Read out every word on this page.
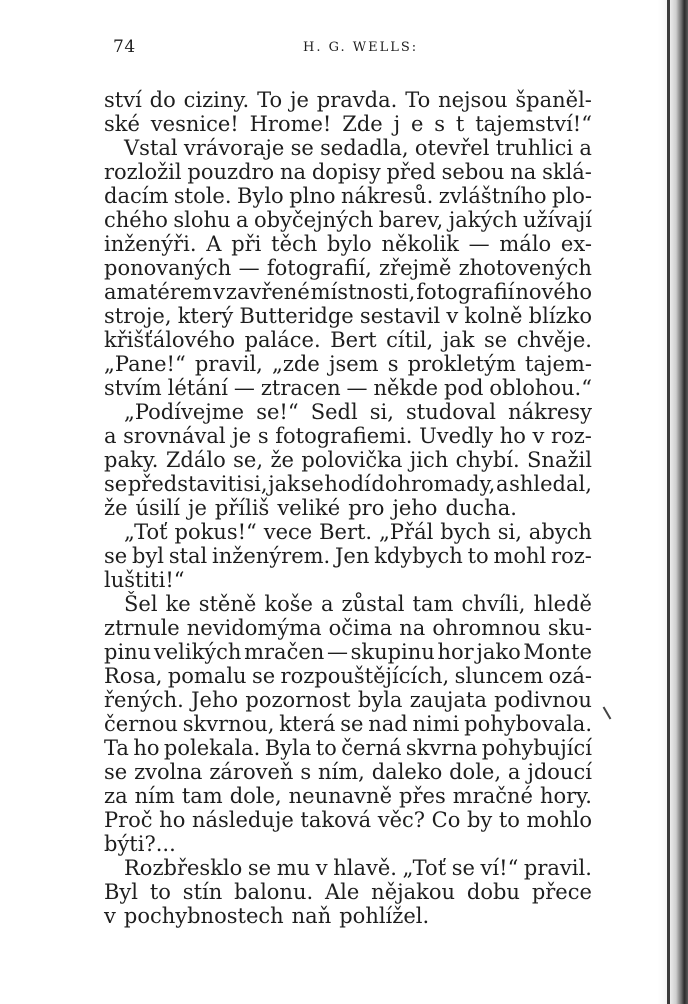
74	H. G. WELLS:
ství do ciziny. To je pravda. To nejsou španěl-
ské vesnice! Hrome! Zde j e s t tajemství!“
Vstal vrávoraje se sedadla, otevřel truhlici a
rozložil pouzdro na dopisy před sebou na sklá-
dacím stole. Bylo plno nákresů. zvláštního plo-
chého slohu a obyčejných barev, jakých užívají
inženýři. A při těch bylo několik — málo ex-
ponovaných — fotografií, zřejmě zhotovených
amatérem v zavřené místnosti, fotografií nového
stroje, který Butteridge sestavil v kolně blízko
křišťálového paláce. Bert cítil, jak se chvěje.
„Pane!“ pravil, „zde jsem s prokletým tajem-
stvím létání — ztracen — někde pod oblohou.“
„Podívejme se!“ Sedl si, studoval nákresy
a srovnával je s fotografiemi. Uvedly ho v roz-
paky. Zdálo se, že polovička jich chybí. Snažil
se představiti si, jak se hodí dohromady, a shledal,
že úsilí je příliš veliké pro jeho ducha.
„Toť pokus!“ vece Bert. „Přál bych si, abych
se byl stal inženýrem. Jen kdybych to mohl roz-
luštiti!“
Šel ke stěně koše a zůstal tam chvíli, hledě
ztrnule nevidomýma očima na ohromnou sku-
pinu velikých mračen — skupinu hor jako Monte
Rosa, pomalu se rozpouštějících, sluncem ozá-
řených. Jeho pozornost byla zaujata podivnou
černou skvrnou, která se nad nimi pohybovala.
Ta ho polekala. Byla to černá skvrna pohybující
se zvolna zároveň s ním, daleko dole, a jdoucí
za ním tam dole, neunavně přes mračné hory.
Proč ho následuje taková věc? Co by to mohlo
býti?...
Rozbřesklo se mu v hlavě. „Toť se ví!“ pravil.
Byl to stín balonu. Ale nějakou dobu přece
v pochybnostech naň pohlížel.
